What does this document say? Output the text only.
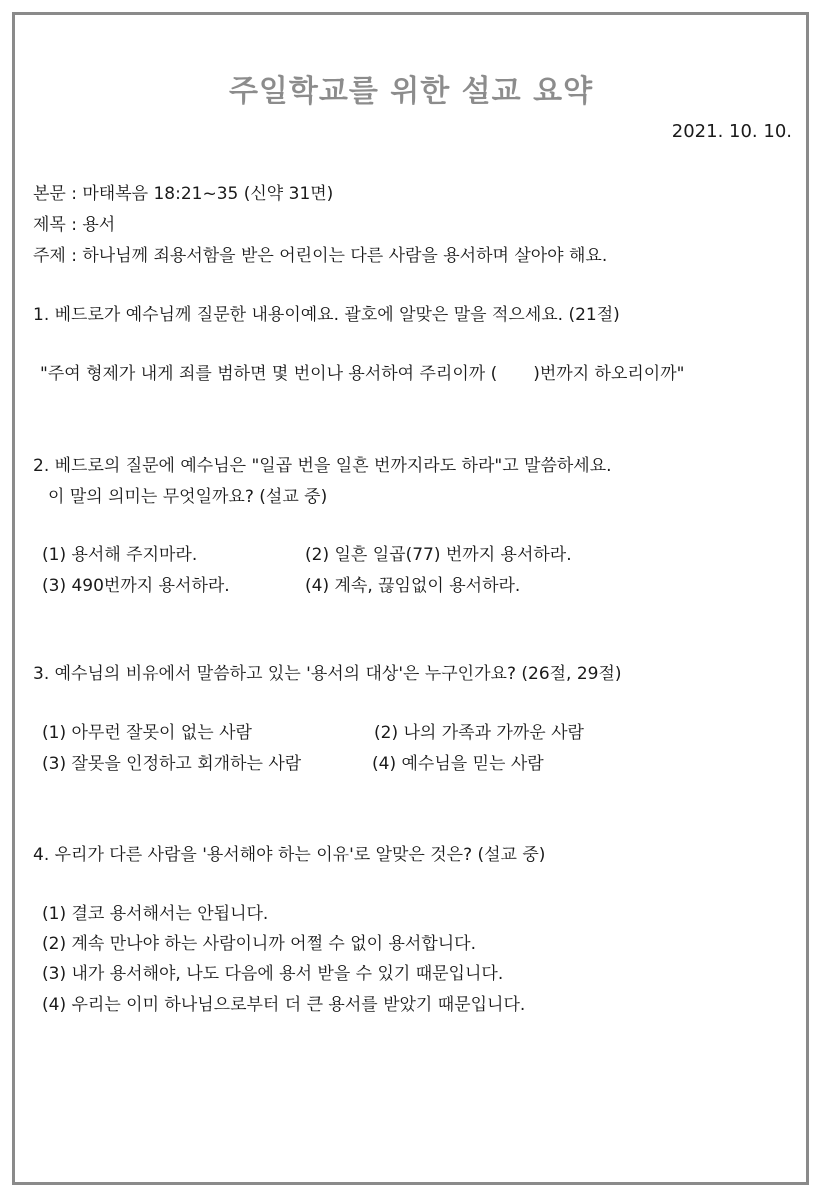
주일학교를 위한 설교 요약
2021. 10. 10.
본문 : 마태복음 18:21~35 (신약 31면)
제목 : 용서
주제 : 하나님께 죄용서함을 받은 어린이는 다른 사람을 용서하며 살아야 해요.
1. 베드로가 예수님께 질문한 내용이예요. 괄호에 알맞은 말을 적으세요. (21절)
"주여 형제가 내게 죄를 범하면 몇 번이나 용서하여 주리이까 ( )번까지 하오리이까"
2. 베드로의 질문에 예수님은 "일곱 번을 일흔 번까지라도 하라"고 말씀하세요.
이 말의 의미는 무엇일까요? (설교 중)
(1) 용서해 주지마라.	(2) 일흔 일곱(77) 번까지 용서하라.
(3) 490번까지 용서하라.	(4) 계속, 끊임없이 용서하라.
3. 예수님의 비유에서 말씀하고 있는 '용서의 대상'은 누구인가요? (26절, 29절)
(1) 아무런 잘못이 없는 사람	(2) 나의 가족과 가까운 사람
(3) 잘못을 인정하고 회개하는 사람	(4) 예수님을 믿는 사람
4. 우리가 다른 사람을 '용서해야 하는 이유'로 알맞은 것은? (설교 중)
(1) 결코 용서해서는 안됩니다.
(2) 계속 만나야 하는 사람이니까 어쩔 수 없이 용서합니다.
(3) 내가 용서해야, 나도 다음에 용서 받을 수 있기 때문입니다.
(4) 우리는 이미 하나님으로부터 더 큰 용서를 받았기 때문입니다.
